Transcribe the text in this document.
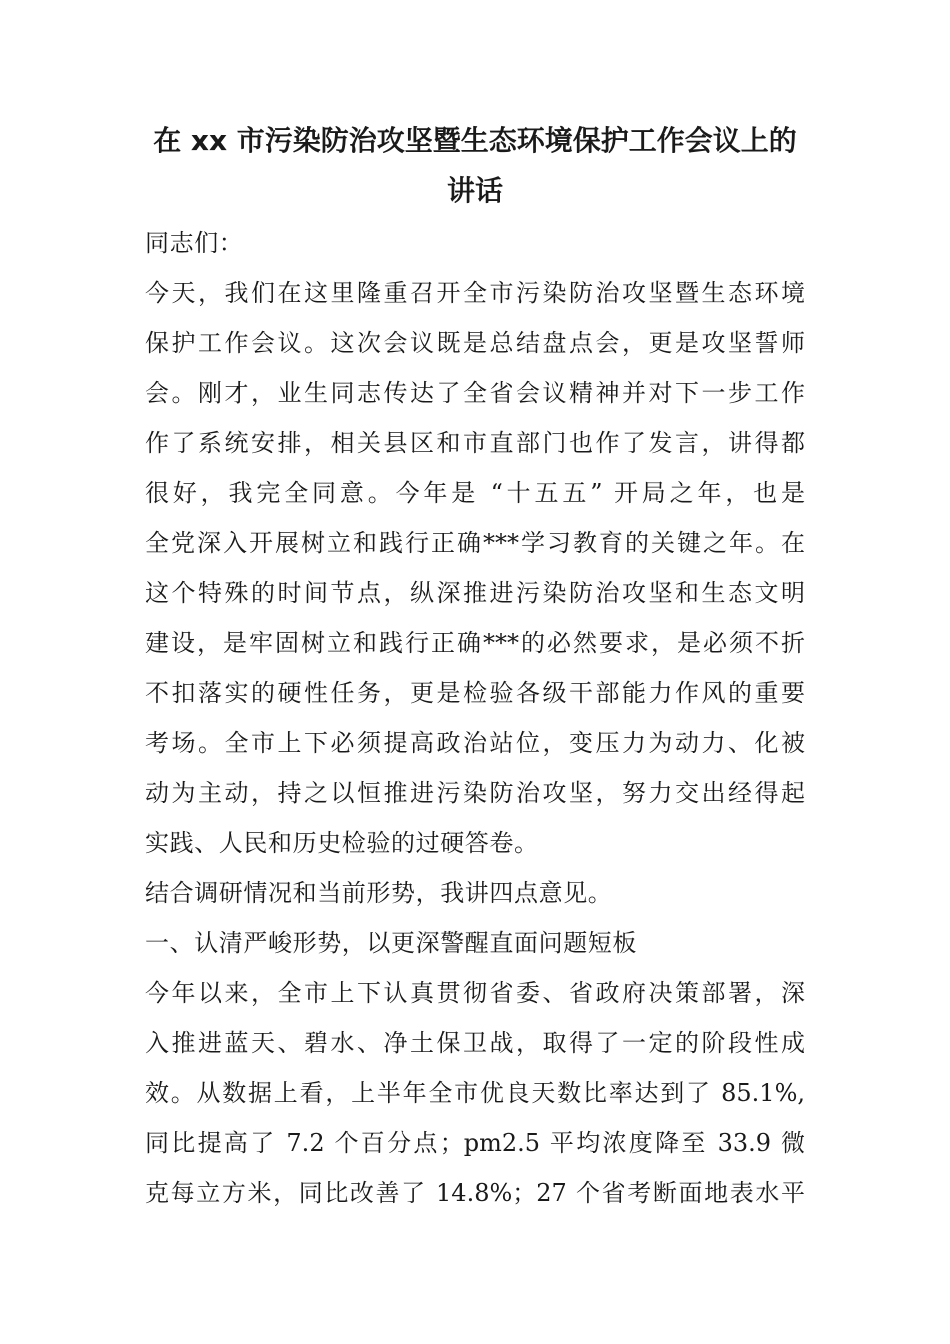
在 xx 市污染防治攻坚暨生态环境保护工作会议上的
讲话

同志们：

今天，我们在这里隆重召开全市污染防治攻坚暨生态环境

保护工作会议。这次会议既是总结盘点会，更是攻坚誓师

会。刚才，业生同志传达了全省会议精神并对下一步工作

作了系统安排，相关县区和市直部门也作了发言，讲得都

很好，我完全同意。今年是 “十五五” 开局之年，也是

全党深入开展树立和践行正确***学习教育的关键之年。在

这个特殊的时间节点，纵深推进污染防治攻坚和生态文明

建设，是牢固树立和践行正确***的必然要求，是必须不折

不扣落实的硬性任务，更是检验各级干部能力作风的重要

考场。全市上下必须提高政治站位，变压力为动力、化被

动为主动，持之以恒推进污染防治攻坚，努力交出经得起

实践、人民和历史检验的过硬答卷。

结合调研情况和当前形势，我讲四点意见。

一、认清严峻形势，以更深警醒直面问题短板

今年以来，全市上下认真贯彻省委、省政府决策部署，深

入推进蓝天、碧水、净土保卫战，取得了一定的阶段性成

效。从数据上看，上半年全市优良天数比率达到了 85.1%,

同比提高了 7.2 个百分点；pm2.5 平均浓度降至 33.9 微

克每立方米，同比改善了 14.8%；27 个省考断面地表水平
